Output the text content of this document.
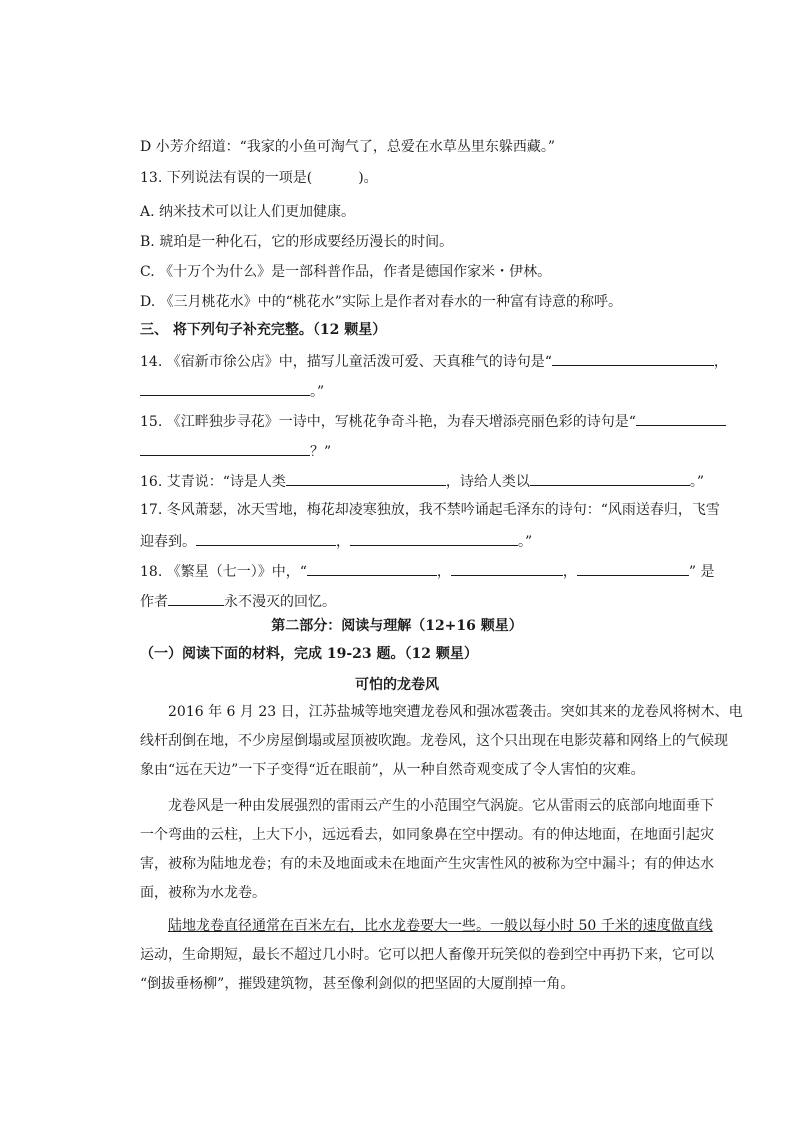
D 小芳介绍道：“我家的小鱼可淘气了，总爱在水草丛里东躲西藏。”
13. 下列说法有误的一项是(	)。
A. 纳米技术可以让人们更加健康。
B. 琥珀是一种化石，它的形成要经历漫长的时间。
C. 《十万个为什么》是一部科普作品，作者是德国作家米・伊林。
D. 《三月桃花水》中的“桃花水”实际上是作者对春水的一种富有诗意的称呼。
三、 将下列句子补充完整。（12 颗星）
14. 《宿新市徐公店》中，描写儿童活泼可爱、天真稚气的诗句是“	，
。”
15. 《江畔独步寻花》一诗中，写桃花争奇斗艳，为春天增添亮丽色彩的诗句是“
？”
16. 艾青说：“诗是人类	，诗给人类以	。”
17. 冬风萧瑟，冰天雪地，梅花却凌寒独放，我不禁吟诵起毛泽东的诗句：“风雨送春归，飞雪
迎春到。	，	。”
18. 《繁星（七一）》中，“	，	，	” 是
作者	永不漫灭的回忆。
第二部分：阅读与理解（12+16 颗星）
（一）阅读下面的材料，完成 19-23 题。（12 颗星）
可怕的龙卷风

2016 年 6 月 23 日，江苏盐城等地突遭龙卷风和强冰雹袭击。突如其来的龙卷风将树木、电

线杆刮倒在地，不少房屋倒塌或屋顶被吹跑。龙卷风，这个只出现在电影荧幕和网络上的气候现

象由“远在天边”一下子变得“近在眼前”，从一种自然奇观变成了令人害怕的灾难。

龙卷风是一种由发展强烈的雷雨云产生的小范围空气涡旋。它从雷雨云的底部向地面垂下

一个弯曲的云柱，上大下小，远远看去，如同象鼻在空中摆动。有的伸达地面，在地面引起灾

害，被称为陆地龙卷；有的未及地面或未在地面产生灾害性风的被称为空中漏斗；有的伸达水

面，被称为水龙卷。

陆地龙卷直径通常在百米左右，比水龙卷要大一些。一般以每小时 50 千米的速度做直线

运动，生命期短，最长不超过几小时。它可以把人畜像开玩笑似的卷到空中再扔下来，它可以

“倒拔垂杨柳”，摧毁建筑物，甚至像利剑似的把坚固的大厦削掉一角。
